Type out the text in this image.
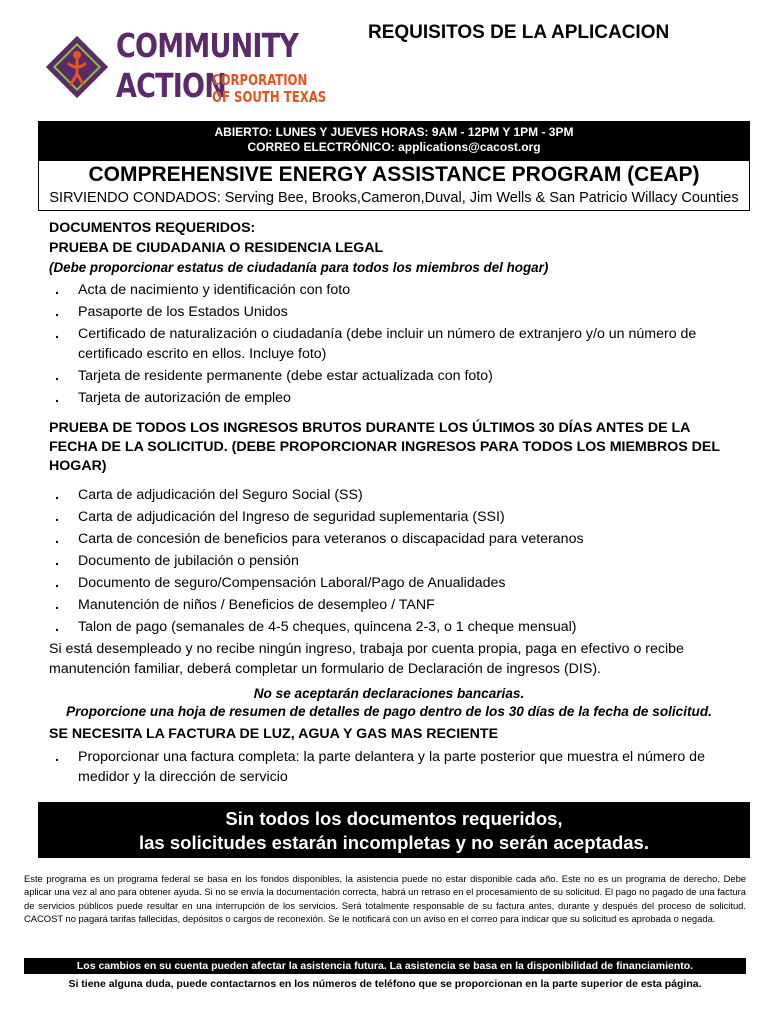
COMMUNITY
ACTION
CORPORATION
OF SOUTH TEXAS
REQUISITOS DE LA APLICACION
ABIERTO: LUNES Y JUEVES HORAS: 9AM - 12PM Y 1PM - 3PM
CORREO ELECTRÓNICO: applications@cacost.org
COMPREHENSIVE ENERGY ASSISTANCE PROGRAM (CEAP)
SIRVIENDO CONDADOS: Serving Bee, Brooks,Cameron,Duval, Jim Wells & San Patricio Willacy Counties
DOCUMENTOS REQUERIDOS:
PRUEBA DE CIUDADANIA O RESIDENCIA LEGAL
(Debe proporcionar estatus de ciudadanía para todos los miembros del hogar)
. Acta de nacimiento y identificación con foto
. Pasaporte de los Estados Unidos
. Certificado de naturalización o ciudadanía (debe incluir un número de extranjero y/o un número de certificado escrito en ellos. Incluye foto)
. Tarjeta de residente permanente (debe estar actualizada con foto)
. Tarjeta de autorización de empleo
PRUEBA DE TODOS LOS INGRESOS BRUTOS DURANTE LOS ÚLTIMOS 30 DÍAS ANTES DE LA FECHA DE LA SOLICITUD. (DEBE PROPORCIONAR INGRESOS PARA TODOS LOS MIEMBROS DEL HOGAR)
. Carta de adjudicación del Seguro Social (SS)
. Carta de adjudicación del Ingreso de seguridad suplementaria (SSI)
. Carta de concesión de beneficios para veteranos o discapacidad para veteranos
. Documento de jubilación o pensión
. Documento de seguro/Compensación Laboral/Pago de Anualidades
. Manutención de niños / Beneficios de desempleo / TANF
. Talon de pago (semanales de 4-5 cheques, quincena 2-3, o 1 cheque mensual)
Si está desempleado y no recibe ningún ingreso, trabaja por cuenta propia, paga en efectivo o recibe manutención familiar, deberá completar un formulario de Declaración de ingresos (DIS).
No se aceptarán declaraciones bancarias.
Proporcione una hoja de resumen de detalles de pago dentro de los 30 días de la fecha de solicitud.
SE NECESITA LA FACTURA DE LUZ, AGUA Y GAS MAS RECIENTE
. Proporcionar una factura completa: la parte delantera y la parte posterior que muestra el número de medidor y la dirección de servicio
Sin todos los documentos requeridos,
las solicitudes estarán incompletas y no serán aceptadas.
Este programa es un programa federal se basa en los fondos disponibles, la asistencia puede no estar disponible cada año. Este no es un programa de derecho. Debe aplicar una vez al ano para obtener ayuda. Si no se envía la documentación correcta, habrá un retraso en el procesamiento de su solicitud. El pago no pagado de una factura de servicios públicos puede resultar en una interrupción de los servicios. Será totalmente responsable de su factura antes, durante y después del proceso de solicitud. CACOST no pagará tarifas fallecidas, depósitos o cargos de reconexión. Se le notificará con un aviso en el correo para indicar que su solicitud es aprobada o negada.
Los cambios en su cuenta pueden afectar la asistencia futura. La asistencia se basa en la disponibilidad de financiamiento.
Si tiene alguna duda, puede contactarnos en los números de teléfono que se proporcionan en la parte superior de esta página.
